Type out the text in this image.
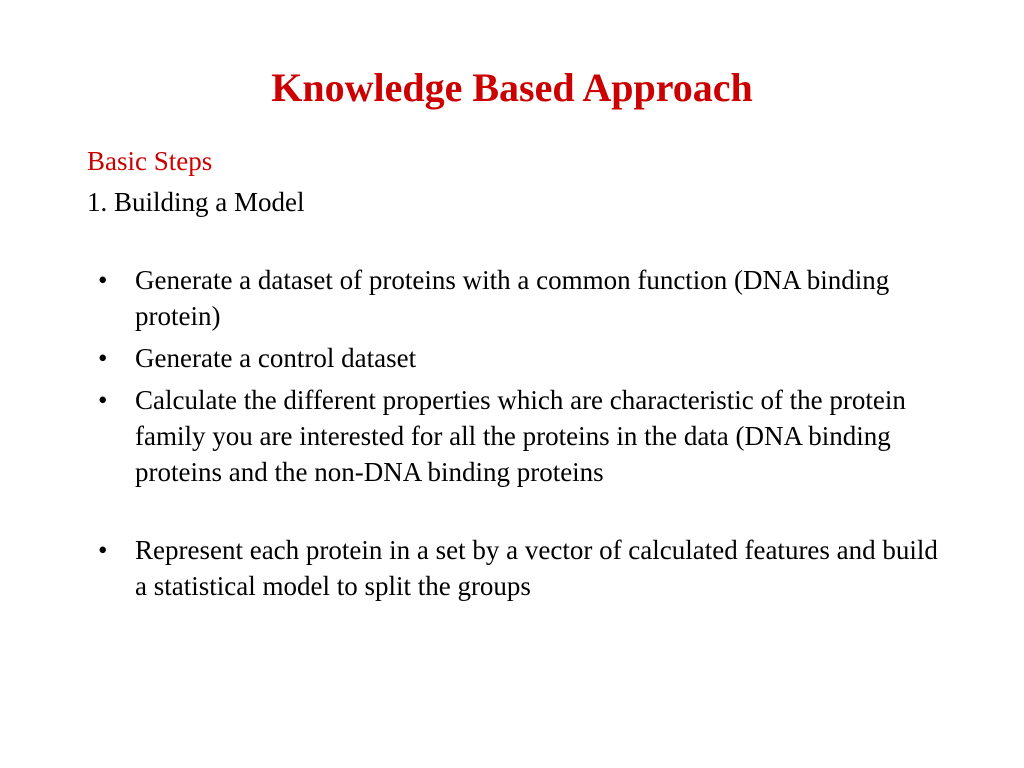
Knowledge Based Approach
Basic Steps
1. Building a Model
• Generate a dataset of proteins with a common function (DNA binding protein)
• Generate a control dataset
• Calculate the different properties which are characteristic of the protein family you are interested for all the proteins in the data (DNA binding proteins and the non-DNA binding proteins
• Represent each protein in a set by a vector of calculated features and build a statistical model to split the groups
